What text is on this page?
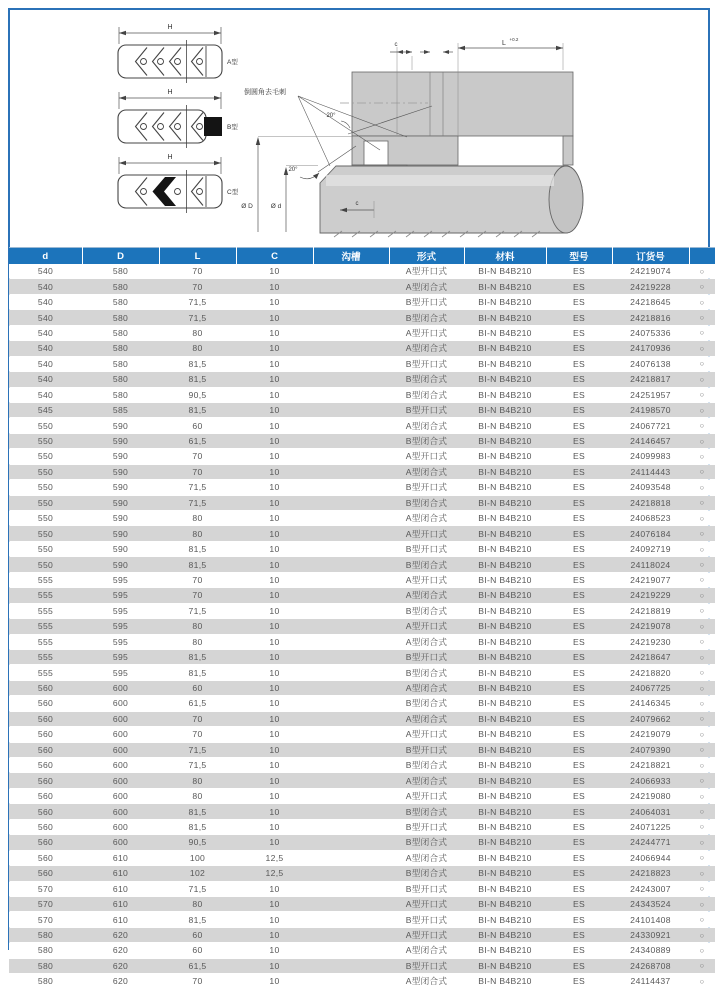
H
A型
H
B型
H
C型
c	L
+0.2
倒圆角去毛刺
20°
20°
Ø D	Ø d	c
d	D	L	C	沟槽	形式	材料	型号	订货号	
540	580	70	10		A型开口式	BI-N B4B210	ES	24219074	○
540	580	70	10		A型闭合式	BI-N B4B210	ES	24219228	○
540	580	71,5	10		B型开口式	BI-N B4B210	ES	24218645	○
540	580	71,5	10		B型闭合式	BI-N B4B210	ES	24218816	○
540	580	80	10		A型开口式	BI-N B4B210	ES	24075336	○
540	580	80	10		A型闭合式	BI-N B4B210	ES	24170936	○
540	580	81,5	10		B型开口式	BI-N B4B210	ES	24076138	○
540	580	81,5	10		B型闭合式	BI-N B4B210	ES	24218817	○
540	580	90,5	10		B型闭合式	BI-N B4B210	ES	24251957	○
545	585	81,5	10		B型开口式	BI-N B4B210	ES	24198570	○
550	590	60	10		A型闭合式	BI-N B4B210	ES	24067721	○
550	590	61,5	10		B型闭合式	BI-N B4B210	ES	24146457	○
550	590	70	10		A型开口式	BI-N B4B210	ES	24099983	○
550	590	70	10		A型闭合式	BI-N B4B210	ES	24114443	○
550	590	71,5	10		B型开口式	BI-N B4B210	ES	24093548	○
550	590	71,5	10		B型闭合式	BI-N B4B210	ES	24218818	○
550	590	80	10		A型闭合式	BI-N B4B210	ES	24068523	○
550	590	80	10		A型开口式	BI-N B4B210	ES	24076184	○
550	590	81,5	10		B型开口式	BI-N B4B210	ES	24092719	○
550	590	81,5	10		B型闭合式	BI-N B4B210	ES	24118024	○
555	595	70	10		A型开口式	BI-N B4B210	ES	24219077	○
555	595	70	10		A型闭合式	BI-N B4B210	ES	24219229	○
555	595	71,5	10		B型闭合式	BI-N B4B210	ES	24218819	○
555	595	80	10		A型开口式	BI-N B4B210	ES	24219078	○
555	595	80	10		A型闭合式	BI-N B4B210	ES	24219230	○
555	595	81,5	10		B型开口式	BI-N B4B210	ES	24218647	○
555	595	81,5	10		B型闭合式	BI-N B4B210	ES	24218820	○
560	600	60	10		A型闭合式	BI-N B4B210	ES	24067725	○
560	600	61,5	10		B型闭合式	BI-N B4B210	ES	24146345	○
560	600	70	10		A型闭合式	BI-N B4B210	ES	24079662	○
560	600	70	10		A型开口式	BI-N B4B210	ES	24219079	○
560	600	71,5	10		B型开口式	BI-N B4B210	ES	24079390	○
560	600	71,5	10		B型闭合式	BI-N B4B210	ES	24218821	○
560	600	80	10		A型闭合式	BI-N B4B210	ES	24066933	○
560	600	80	10		A型开口式	BI-N B4B210	ES	24219080	○
560	600	81,5	10		B型闭合式	BI-N B4B210	ES	24064031	○
560	600	81,5	10		B型开口式	BI-N B4B210	ES	24071225	○
560	600	90,5	10		B型闭合式	BI-N B4B210	ES	24244771	○
560	610	100	12,5		A型闭合式	BI-N B4B210	ES	24066944	○
560	610	102	12,5		B型闭合式	BI-N B4B210	ES	24218823	○
570	610	71,5	10		B型开口式	BI-N B4B210	ES	24243007	○
570	610	80	10		A型开口式	BI-N B4B210	ES	24343524	○
570	610	81,5	10		B型开口式	BI-N B4B210	ES	24101408	○
580	620	60	10		A型开口式	BI-N B4B210	ES	24330921	○
580	620	60	10		A型闭合式	BI-N B4B210	ES	24340889	○
580	620	61,5	10		B型开口式	BI-N B4B210	ES	24268708	○
580	620	70	10		A型闭合式	BI-N B4B210	ES	24114437	○
